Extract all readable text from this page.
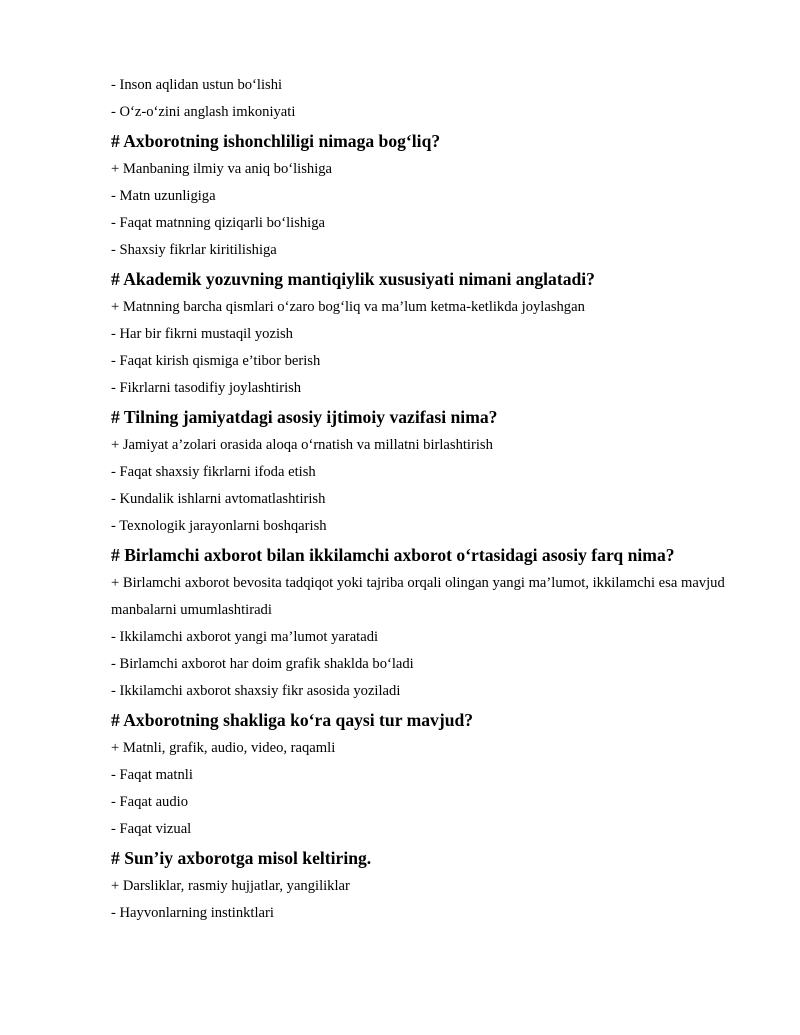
- Inson aqlidan ustun bo‘lishi
- O‘z-o‘zini anglash imkoniyati
# Axborotning ishonchliligi nimaga bog‘liq?
+ Manbaning ilmiy va aniq bo‘lishiga
- Matn uzunligiga
- Faqat matnning qiziqarli bo‘lishiga
- Shaxsiy fikrlar kiritilishiga
# Akademik yozuvning mantiqiylik xususiyati nimani anglatadi?
+ Matnning barcha qismlari o‘zaro bog‘liq va ma’lum ketma-ketlikda joylashgan
- Har bir fikrni mustaqil yozish
- Faqat kirish qismiga e’tibor berish
- Fikrlarni tasodifiy joylashtirish
# Tilning jamiyatdagi asosiy ijtimoiy vazifasi nima?
+ Jamiyat a’zolari orasida aloqa o‘rnatish va millatni birlashtirish
- Faqat shaxsiy fikrlarni ifoda etish
- Kundalik ishlarni avtomatlashtirish
- Texnologik jarayonlarni boshqarish
# Birlamchi axborot bilan ikkilamchi axborot o‘rtasidagi asosiy farq nima?
+ Birlamchi axborot bevosita tadqiqot yoki tajriba orqali olingan yangi ma’lumot, ikkilamchi esa mavjud manbalarni umumlashtiradi
- Ikkilamchi axborot yangi ma’lumot yaratadi
- Birlamchi axborot har doim grafik shaklda bo‘ladi
- Ikkilamchi axborot shaxsiy fikr asosida yoziladi
# Axborotning shakliga ko‘ra qaysi tur mavjud?
+ Matnli, grafik, audio, video, raqamli
- Faqat matnli
- Faqat audio
- Faqat vizual
# Sun’iy axborotga misol keltiring.
+ Darsliklar, rasmiy hujjatlar, yangiliklar
- Hayvonlarning instinktlari
